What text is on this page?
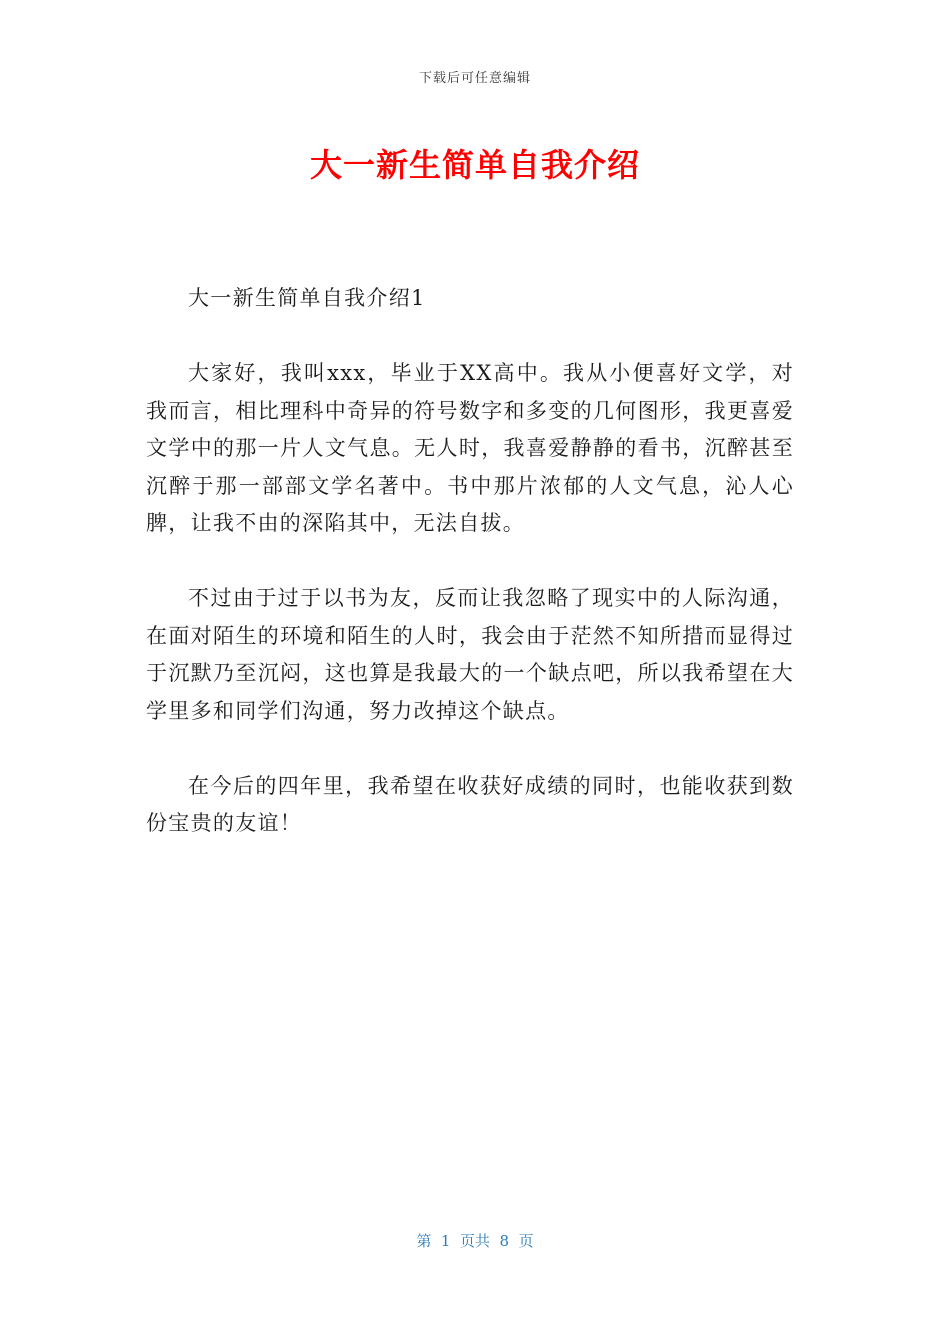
下载后可任意编辑
大一新生简单自我介绍

大一新生简单自我介绍1

大家好，我叫xxx，毕业于XX高中。我从小便喜好文学，对我而言，相比理科中奇异的符号数字和多变的几何图形，我更喜爱文学中的那一片人文气息。无人时，我喜爱静静的看书，沉醉甚至沉醉于那一部部文学名著中。书中那片浓郁的人文气息，沁人心脾，让我不由的深陷其中，无法自拔。

不过由于过于以书为友，反而让我忽略了现实中的人际沟通，在面对陌生的环境和陌生的人时，我会由于茫然不知所措而显得过于沉默乃至沉闷，这也算是我最大的一个缺点吧，所以我希望在大学里多和同学们沟通，努力改掉这个缺点。

在今后的四年里，我希望在收获好成绩的同时，也能收获到数份宝贵的友谊！

第  1  页共  8  页
